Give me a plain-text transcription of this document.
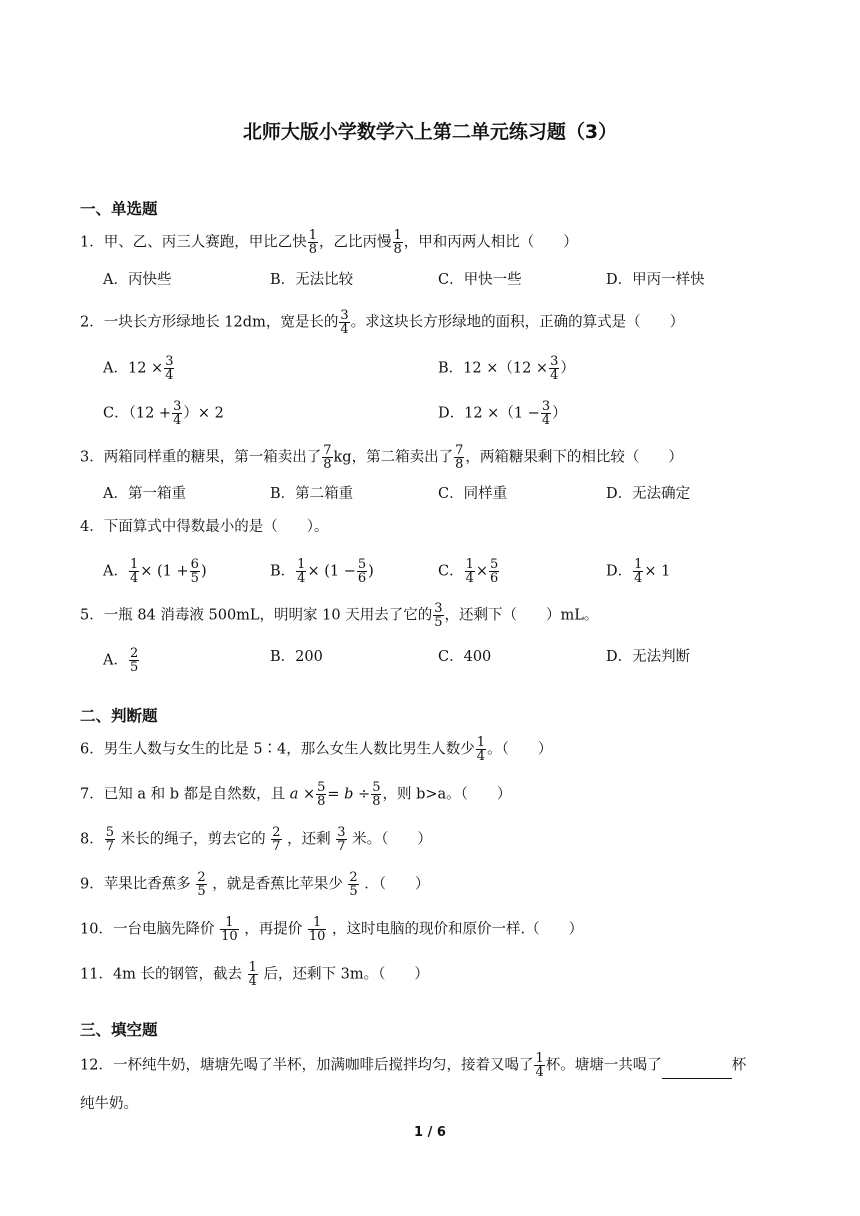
北师大版小学数学六上第二单元练习题（3）
一、单选题
1．甲、乙、丙三人赛跑，甲比乙快 $\frac{1}{8}$ ，乙比丙慢 $\frac{1}{8}$ ，甲和丙两人相比（　　）
A．丙快些	B．无法比较	C．甲快一些	D．甲丙一样快
2．一块长方形绿地长 12dm，宽是长的 $\frac{3}{4}$ 。求这块长方形绿地的面积，正确的算式是（　　）
A．$12 \times \frac{3}{4}$	B．$12 \times(12 \times \frac{3}{4}$ ）
C．（$12 + \frac{3}{4}$ ）× 2	D．$12 \times(1 - \frac{3}{4}$ ）
3．两箱同样重的糖果，第一箱卖出了 $\frac{7}{8}$ kg，第二箱卖出了 $\frac{7}{8}$ ，两箱糖果剩下的相比较（　　）
A．第一箱重	B．第二箱重	C．同样重	D．无法确定
4．下面算式中得数最小的是（　　）。
A． $\frac{1}{4} \times (1 + \frac{6}{5}$ )	B． $\frac{1}{4} \times (1 - \frac{5}{6}$ )	C． $\frac{1}{4} \times \frac{5}{6}$	D． $\frac{1}{4} \times 1$
5．一瓶 84 消毒液 500mL，明明家 10 天用去了它的 $\frac{3}{5}$ ，还剩下（　　）mL。
A． $\frac{2}{5}$	B．200	C．400	D．无法判断
二、判断题
6．男生人数与女生的比是 5∶4，那么女生人数比男生人数少 $\frac{1}{4}$ 。（　　）
7．已知 a 和 b 都是自然数，且 $a \times \frac{5}{8} = b \div \frac{5}{8}$ ，则 b>a。（　　）
8． $\frac{5}{7}$ 米长的绳子，剪去它的 $\frac{2}{7}$ ，还剩 $\frac{3}{7}$ 米。（　　）
9．苹果比香蕉多 $\frac{2}{5}$ ，就是香蕉比苹果少 $\frac{2}{5}$ ．（　　）
10．一台电脑先降价 $\frac{1}{10}$ ，再提价 $\frac{1}{10}$ ，这时电脑的现价和原价一样.（　　）
11．4m 长的钢管，截去 $\frac{1}{4}$ 后，还剩下 3m。（　　）
三、填空题
12．一杯纯牛奶，塘塘先喝了半杯，加满咖啡后搅拌均匀，接着又喝了 $\frac{1}{4}$ 杯。塘塘一共喝了	杯
纯牛奶。
1 / 6
